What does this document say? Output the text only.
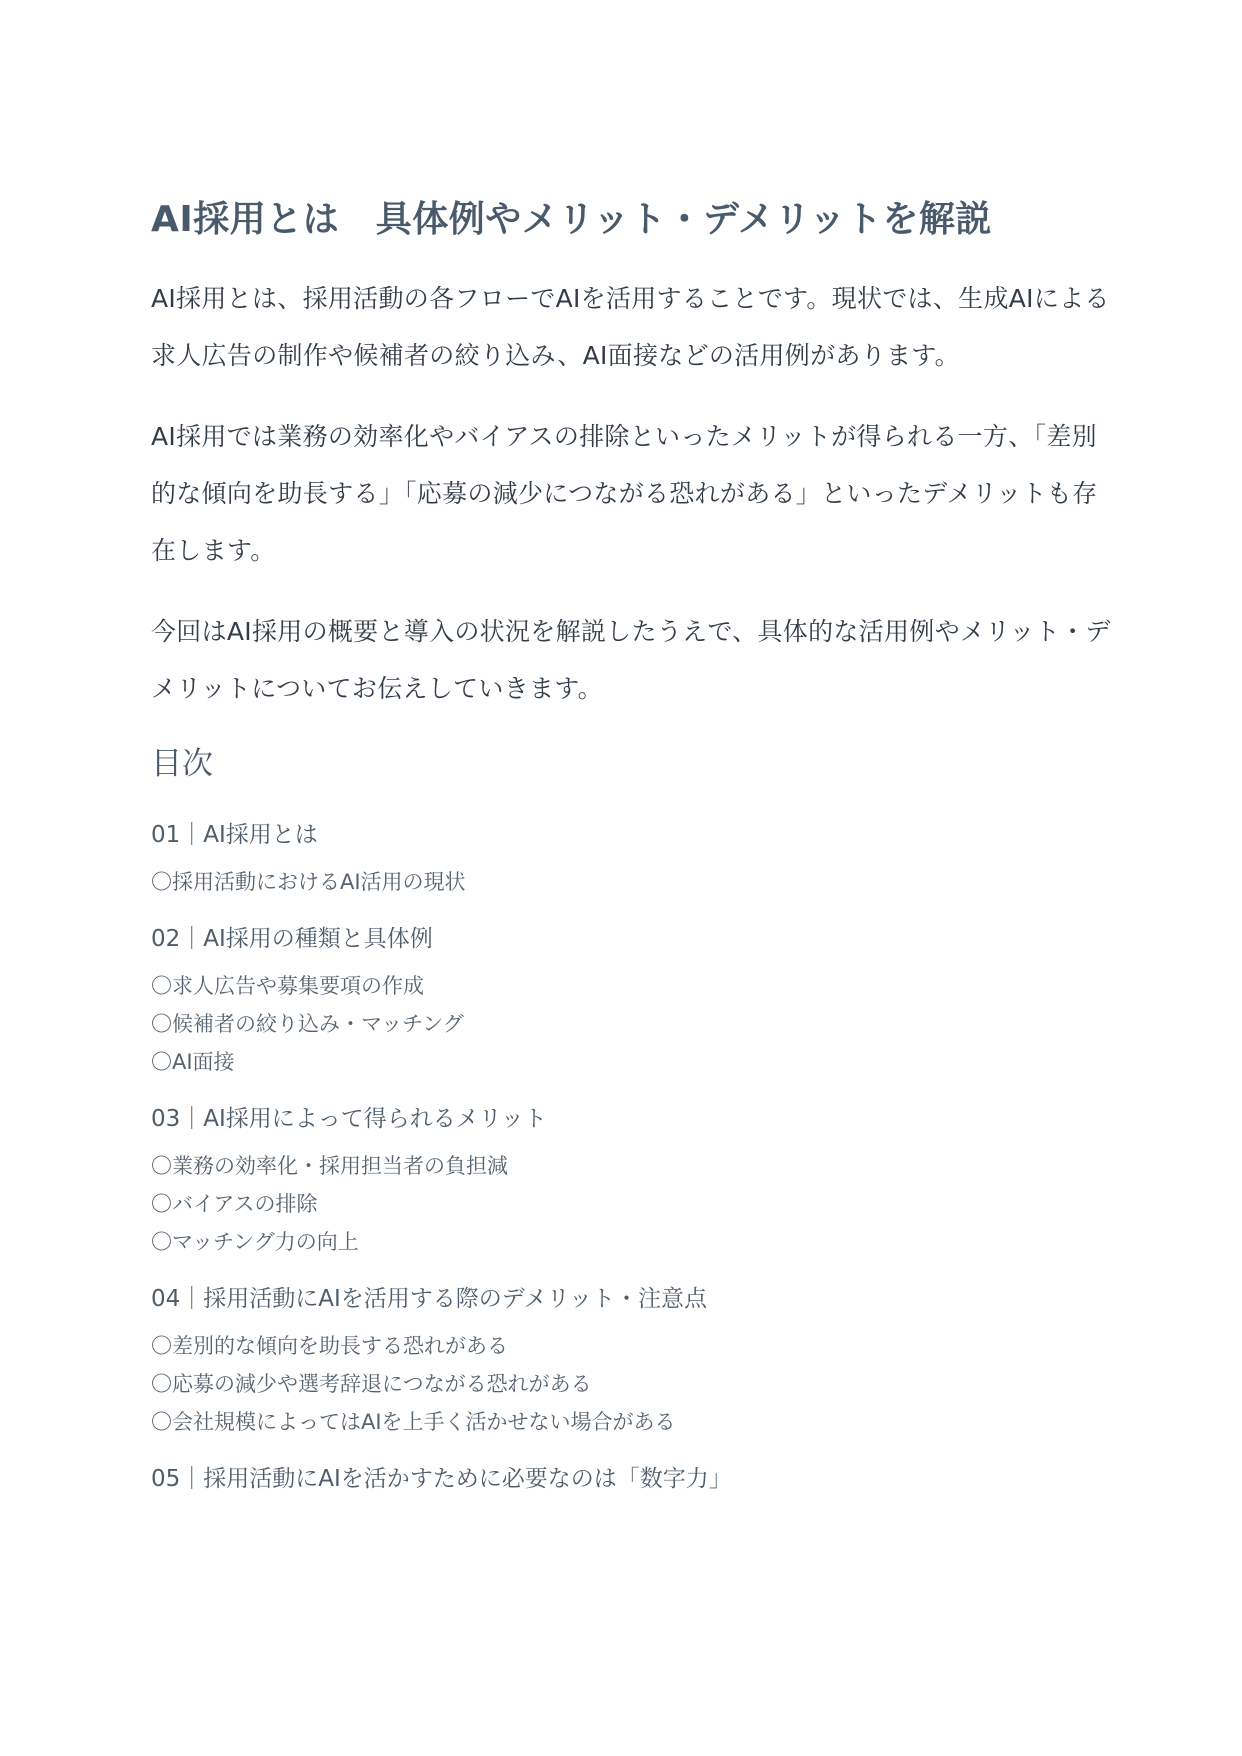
AI採用とは　具体例やメリット・デメリットを解説

AI採用とは、採用活動の各フローでAIを活用することです。現状では、生成AIによる求人広告の制作や候補者の絞り込み、AI面接などの活用例があります。

AI採用では業務の効率化やバイアスの排除といったメリットが得られる一方、「差別的な傾向を助長する」「応募の減少につながる恐れがある」といったデメリットも存在します。

今回はAI採用の概要と導入の状況を解説したうえで、具体的な活用例やメリット・デメリットについてお伝えしていきます。

目次
01｜AI採用とは
〇採用活動におけるAI活用の現状
02｜AI採用の種類と具体例
〇求人広告や募集要項の作成
〇候補者の絞り込み・マッチング
〇AI面接
03｜AI採用によって得られるメリット
〇業務の効率化・採用担当者の負担減
〇バイアスの排除
〇マッチング力の向上
04｜採用活動にAIを活用する際のデメリット・注意点
〇差別的な傾向を助長する恐れがある
〇応募の減少や選考辞退につながる恐れがある
〇会社規模によってはAIを上手く活かせない場合がある
05｜採用活動にAIを活かすために必要なのは「数字力」
